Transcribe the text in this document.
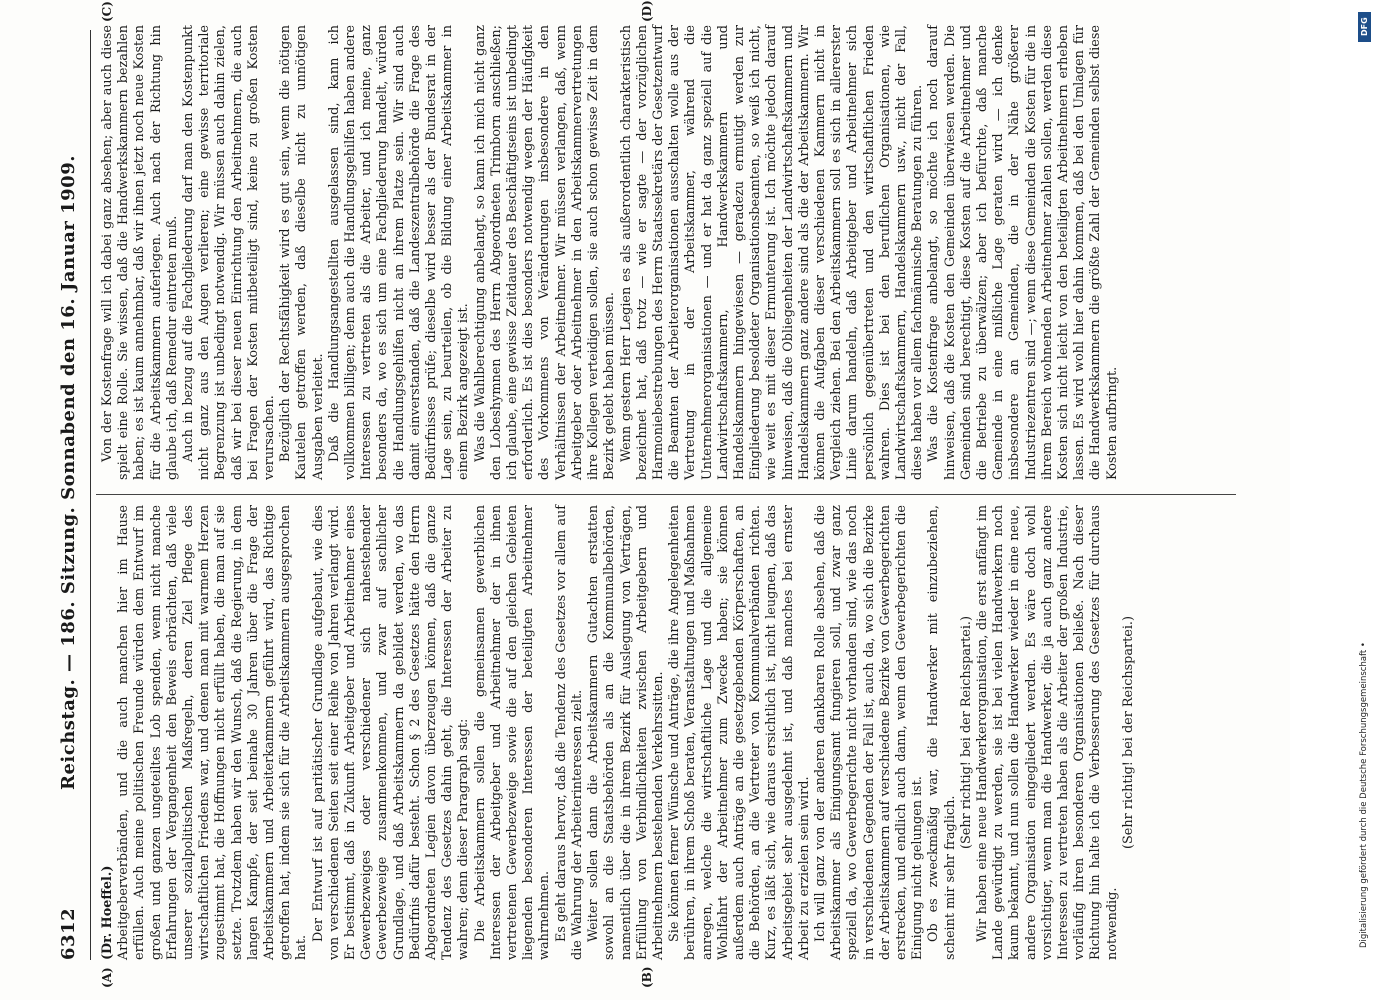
6312
Reichstag. — 186. Sitzung. Sonnabend den 16. Januar 1909.
(A)	(B)
(C)	(D)

(Dr. Hoeffel.) Arbeitgeberverbänden, und die auch manchen hier im Hause erfüllen. Auch meine politischen Freunde würden dem Entwurf im großen und ganzen ungeteiltes Lob spenden, wenn nicht manche Erfahrungen der Vergangenheit den Beweis erbrächten, daß viele unserer sozialpolitischen Maßregeln, deren Ziel Pflege des wirtschaftlichen Friedens war, und denen man mit warmem Herzen zugestimmt hat, die Hoffnungen nicht erfüllt haben, die man auf sie setzte. Trotzdem haben wir den Wunsch, daß die Regierung, in dem langen Kampfe, der seit beinahe 30 Jahren über die Frage der Arbeitskammern und Arbeiterkammern geführt wird, das Richtige getroffen hat, indem sie sich für die Arbeitskammern ausgesprochen hat.

Der Entwurf ist auf paritätischer Grundlage aufgebaut, wie dies von verschiedenen Seiten seit einer Reihe von Jahren verlangt wird. Er bestimmt, daß in Zukunft Arbeitgeber und Arbeitnehmer eines Gewerbezweiges oder verschiedener sich nahestehender Gewerbezweige zusammenkommen, und zwar auf sachlicher Grundlage, und daß Arbeitskammern da gebildet werden, wo das Bedürfnis dafür besteht. Schon § 2 des Gesetzes hätte den Herrn Abgeordneten Legien davon überzeugen können, daß die ganze Tendenz des Gesetzes dahin geht, die Interessen der Arbeiter zu wahren; denn dieser Paragraph sagt: Die Arbeitskammern sollen die gemeinsamen gewerblichen Interessen der Arbeitgeber und Arbeitnehmer der in ihnen vertretenen Gewerbezweige sowie die auf den gleichen Gebieten liegenden besonderen Interessen der beteiligten Arbeitnehmer wahrnehmen. Es geht daraus hervor, daß die Tendenz des Gesetzes vor allem auf die Wahrung der Arbeiterinteressen zielt. Weiter sollen dann die Arbeitskammern Gutachten erstatten sowohl an die Staatsbehörden als an die Kommunalbehörden, namentlich über die in ihrem Bezirk für Auslegung von Verträgen, Erfüllung von Verbindlichkeiten zwischen Arbeitgebern und Arbeitnehmern bestehenden Verkehrssitten. Sie können ferner Wünsche und Anträge, die ihre Angelegenheiten berühren, in ihrem Schoß beraten, Veranstaltungen und Maßnahmen anregen, welche die wirtschaftliche Lage und die allgemeine Wohlfahrt der Arbeitnehmer zum Zwecke haben; sie können außerdem auch Anträge an die gesetzgebenden Körperschaften, an die Behörden, an die Vertreter von Kommunalverbänden richten. Kurz, es läßt sich, wie daraus ersichtlich ist, nicht leugnen, daß das Arbeitsgebiet sehr ausgedehnt ist, und daß manches bei ernster Arbeit zu erzielen sein wird. Ich will ganz von der anderen dankbaren Rolle absehen, daß die Arbeitskammer als Einigungsamt fungieren soll, und zwar ganz speziell da, wo Gewerbegerichte nicht vorhanden sind, wie das noch in verschiedenen Gegenden der Fall ist, auch da, wo sich die Bezirke der Arbeitskammern auf verschiedene Bezirke von Gewerbegerichten erstrecken, und endlich auch dann, wenn den Gewerbegerichten die Einigung nicht gelungen ist. Ob es zweckmäßig war, die Handwerker mit einzubeziehen, scheint mir sehr fraglich.

(Sehr richtig! bei der Reichspartei.) Wir haben eine neue Handwerkerorganisation, die erst anfängt im Lande gewürdigt zu werden, sie ist bei vielen Handwerkern noch kaum bekannt, und nun sollen die Handwerker wieder in eine neue, andere Organisation eingegliedert werden. Es wäre doch wohl vorsichtiger, wenn man die Handwerker, die ja auch ganz andere Interessen zu vertreten haben als die Arbeiter der großen Industrie, vorläufig ihren besonderen Organisationen beließe. Nach dieser Richtung hin halte ich die Verbesserung des Gesetzes für durchaus notwendig.

(Sehr richtig! bei der Reichspartei.)

Von der Kostenfrage will ich dabei ganz absehen; aber auch diese spielt eine Rolle. Sie wissen, daß die Handwerkskammern bezahlen haben; es ist kaum annehmbar, daß wir ihnen jetzt noch neue Kosten für die Arbeitskammern auferlegen. Auch nach der Richtung hin glaube ich, daß Remedur eintreten muß. Auch in bezug auf die Fachgliederung darf man den Kostenpunkt nicht ganz aus den Augen verlieren; eine gewisse territoriale Begrenzung ist unbedingt notwendig. Wir müssen auch dahin zielen, daß wir bei dieser neuen Einrichtung den Arbeitnehmern, die auch bei Fragen der Kosten mitbeteiligt sind, keine zu großen Kosten verursachen. Bezüglich der Rechtsfähigkeit wird es gut sein, wenn die nötigen Kautelen getroffen werden, daß dieselbe nicht zu unnötigen Ausgaben verleitet. Daß die Handlungsangestellten ausgelassen sind, kann ich vollkommen billigen; denn auch die Handlungsgehilfen haben andere Interessen zu vertreten als die Arbeiter, und ich meine, ganz besonders da, wo es sich um eine Fachgliederung handelt, würden die Handlungsgehilfen nicht an ihrem Platze sein. Wir sind auch damit einverstanden, daß die Landeszentralbehörde die Frage des Bedürfnisses prüfe; dieselbe wird besser als der Bundesrat in der Lage sein, zu beurteilen, ob die Bildung einer Arbeitskammer in einem Bezirk angezeigt ist. Was die Wahlberechtigung anbelangt, so kann ich mich nicht ganz den Lobeshymnen des Herrn Abgeordneten Trimborn anschließen; ich glaube, eine gewisse Zeitdauer des Beschäftigtseins ist unbedingt erforderlich. Es ist dies besonders notwendig wegen der Häufigkeit des Vorkommens von Veränderungen insbesondere in den Verhältnissen der Arbeitnehmer. Wir müssen verlangen, daß, wenn Arbeitgeber oder Arbeitnehmer in den Arbeitskammervertretungen ihre Kollegen verteidigen sollen, sie auch schon gewisse Zeit in dem Bezirk gelebt haben müssen. Wenn gestern Herr Legien es als außerordentlich charakteristisch bezeichnet hat, daß trotz — wie er sagte — der vorzüglichen Harmoniebestrebungen des Herrn Staatssekretärs der Gesetzentwurf die Beamten der Arbeiterorganisationen ausschalten wolle aus der Vertretung in der Arbeitskammer, während die Unternehmerorganisationen — und er hat da ganz speziell auf die Landwirtschaftskammern, Handwerkskammern und Handelskammern hingewiesen — geradezu ermutigt werden zur Eingliederung besoldeter Organisationsbeamten, so weiß ich nicht, wie weit es mit dieser Ermunterung ist. Ich möchte jedoch darauf hinweisen, daß die Obliegenheiten der Landwirtschaftskammern und Handelskammern ganz andere sind als die der Arbeitskammern. Wir können die Aufgaben dieser verschiedenen Kammern nicht in Vergleich ziehen. Bei den Arbeitskammern soll es sich in allererster Linie darum handeln, daß Arbeitgeber und Arbeitnehmer sich persönlich gegenübertreten und den wirtschaftlichen Frieden wahren. Dies ist bei den beruflichen Organisationen, wie Landwirtschaftskammern, Handelskammern usw., nicht der Fall, diese haben vor allem fachmännische Beratungen zu führen. Was die Kostenfrage anbelangt, so möchte ich noch darauf hinweisen, daß die Kosten den Gemeinden überwiesen werden. Die Gemeinden sind berechtigt, diese Kosten auf die Arbeitnehmer und die Betriebe zu überwälzen; aber ich befürchte, daß manche Gemeinde in eine mißliche Lage geraten wird — ich denke insbesondere an Gemeinden, die in der Nähe größerer Industriezentren sind —; wenn diese Gemeinden die Kosten für die in ihrem Bereich wohnenden Arbeitnehmer zahlen sollen, werden diese Kosten sich nicht leicht von den beteiligten Arbeitnehmern erheben lassen. Es wird wohl hier dahin kommen, daß bei den Umlagen für die Handwerkskammern die größte Zahl der Gemeinden selbst diese Kosten aufbringt.

DFG
Digitalisierung gefördert durch die Deutsche Forschungsgemeinschaft •
